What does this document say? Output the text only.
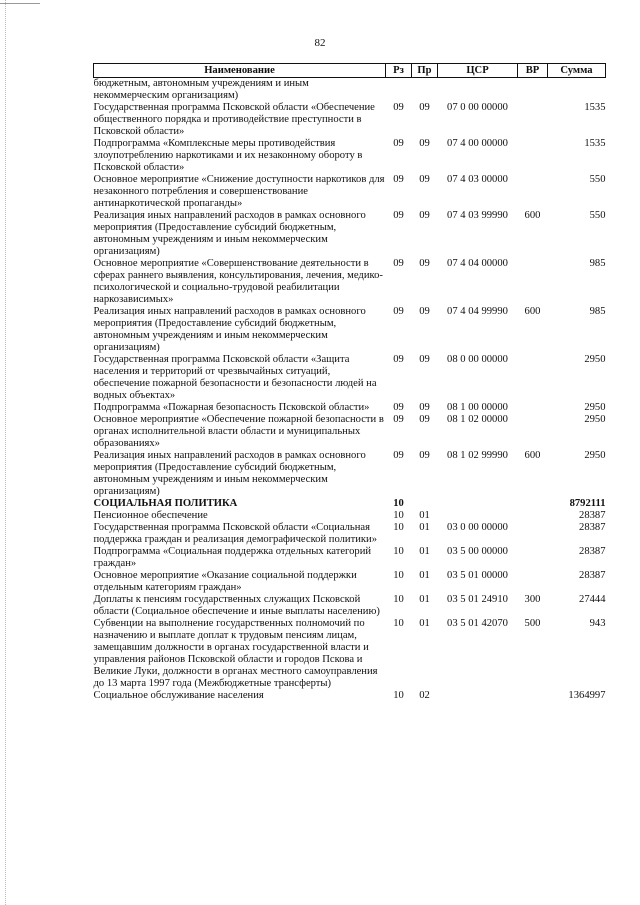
82
Наименование	Рз	Пр	ЦСР	ВР	Сумма
бюджетным, автономным учреждениям и иным некоммерческим организациям)					
Государственная программа Псковской области «Обеспечение общественного порядка и противодействие преступности в Псковской области»	09	09	07 0 00 00000		1535
Подпрограмма «Комплексные меры противодействия злоупотреблению наркотиками и их незаконному обороту в Псковской области»	09	09	07 4 00 00000		1535
Основное мероприятие «Снижение доступности наркотиков для незаконного потребления и совершенствование антинаркотической пропаганды»	09	09	07 4 03 00000		550
Реализация иных направлений расходов в рамках основного мероприятия (Предоставление субсидий бюджетным, автономным учреждениям и иным некоммерческим организациям)	09	09	07 4 03 99990	600	550
Основное мероприятие «Совершенствование деятельности в сферах раннего выявления, консультирования, лечения, медико-психологической и социально-трудовой реабилитации наркозависимых»	09	09	07 4 04 00000		985
Реализация иных направлений расходов в рамках основного мероприятия (Предоставление субсидий бюджетным, автономным учреждениям и иным некоммерческим организациям)	09	09	07 4 04 99990	600	985
Государственная программа Псковской области «Защита населения и территорий от чрезвычайных ситуаций, обеспечение пожарной безопасности и безопасности людей на водных объектах»	09	09	08 0 00 00000		2950
Подпрограмма «Пожарная безопасность Псковской области»	09	09	08 1 00 00000		2950
Основное мероприятие «Обеспечение пожарной безопасности в органах исполнительной власти области и муниципальных образованиях»	09	09	08 1 02 00000		2950
Реализация иных направлений расходов в рамках основного мероприятия (Предоставление субсидий бюджетным, автономным учреждениям и иным некоммерческим организациям)	09	09	08 1 02 99990	600	2950
СОЦИАЛЬНАЯ ПОЛИТИКА	10				8792111
Пенсионное обеспечение	10	01			28387
Государственная программа Псковской области «Социальная поддержка граждан и реализация демографической политики»	10	01	03 0 00 00000		28387
Подпрограмма «Социальная поддержка отдельных категорий граждан»	10	01	03 5 00 00000		28387
Основное мероприятие «Оказание социальной поддержки отдельным категориям граждан»	10	01	03 5 01 00000		28387
Доплаты к пенсиям государственных служащих Псковской области (Социальное обеспечение и иные выплаты населению)	10	01	03 5 01 24910	300	27444
Субвенции на выполнение государственных полномочий по назначению и выплате доплат к трудовым пенсиям лицам, замещавшим должности в органах государственной власти и управления районов Псковской области и городов Пскова и Великие Луки, должности в органах местного самоуправления до 13 марта 1997 года (Межбюджетные трансферты)	10	01	03 5 01 42070	500	943
Социальное обслуживание населения	10	02			1364997
